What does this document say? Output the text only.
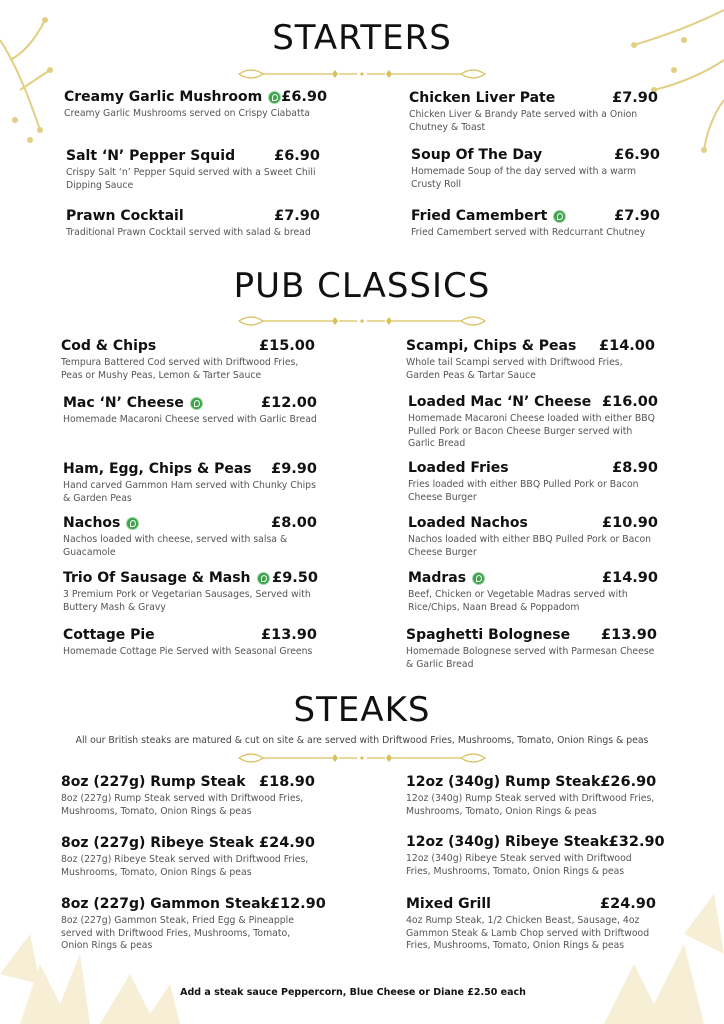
STARTERS
PUB CLASSICS
STEAKS
All our British steaks are matured & cut on site & are served with Driftwood Fries, Mushrooms, Tomato, Onion Rings & peas
Add a steak sauce Peppercorn, Blue Cheese or Diane £2.50 each
Creamy Garlic Mushroom £6.90
Creamy Garlic Mushrooms served on Crispy Ciabatta
Salt ‘N’ Pepper Squid	£6.90
Crispy Salt ‘n’ Pepper Squid served with a Sweet Chili Dipping Sauce
Prawn Cocktail	£7.90
Traditional Prawn Cocktail served with salad & bread
Chicken Liver Pate	£7.90
Chicken Liver & Brandy Pate served with a Onion Chutney & Toast
Soup Of The Day	£6.90
Homemade Soup of the day served with a warm Crusty Roll
Fried Camembert	£7.90
Fried Camembert served with Redcurrant Chutney
Cod & Chips	£15.00
Tempura Battered Cod served with Driftwood Fries, Peas or Mushy Peas, Lemon & Tarter Sauce
Mac ‘N’ Cheese	£12.00
Homemade Macaroni Cheese served with Garlic Bread
Ham, Egg, Chips & Peas £9.90
Hand carved Gammon Ham served with Chunky Chips & Garden Peas
Nachos	£8.00
Nachos loaded with cheese, served with salsa & Guacamole
Trio Of Sausage & Mash £9.50
3 Premium Pork or Vegetarian Sausages, Served with Buttery Mash & Gravy
Cottage Pie	£13.90
Homemade Cottage Pie Served with Seasonal Greens
Scampi, Chips & Peas £14.00
Whole tail Scampi served with Driftwood Fries, Garden Peas & Tartar Sauce
Loaded Mac ‘N’ Cheese £16.00
Homemade Macaroni Cheese loaded with either BBQ Pulled Pork or Bacon Cheese Burger served with Garlic Bread
Loaded Fries	£8.90
Fries loaded with either BBQ Pulled Pork or Bacon Cheese Burger
Loaded Nachos	£10.90
Nachos loaded with either BBQ Pulled Pork or Bacon Cheese Burger
Madras	£14.90
Beef, Chicken or Vegetable Madras served with Rice/Chips, Naan Bread & Poppadom
Spaghetti Bolognese £13.90
Homemade Bolognese served with Parmesan Cheese & Garlic Bread
8oz (227g) Rump Steak £18.90
8oz (227g) Rump Steak served with Driftwood Fries, Mushrooms, Tomato, Onion Rings & peas
8oz (227g) Ribeye Steak £24.90
8oz (227g) Ribeye Steak served with Driftwood Fries, Mushrooms, Tomato, Onion Rings & peas
8oz (227g) Gammon Steak £12.90
8oz (227g) Gammon Steak, Fried Egg & Pineapple served with Driftwood Fries, Mushrooms, Tomato, Onion Rings & peas
12oz (340g) Rump Steak £26.90
12oz (340g) Rump Steak served with Driftwood Fries, Mushrooms, Tomato, Onion Rings & peas
12oz (340g) Ribeye Steak £32.90
12oz (340g) Ribeye Steak served with Driftwood Fries, Mushrooms, Tomato, Onion Rings & peas
Mixed Grill	£24.90
4oz Rump Steak, 1/2 Chicken Beast, Sausage, 4oz Gammon Steak & Lamb Chop served with Driftwood Fries, Mushrooms, Tomato, Onion Rings & peas
